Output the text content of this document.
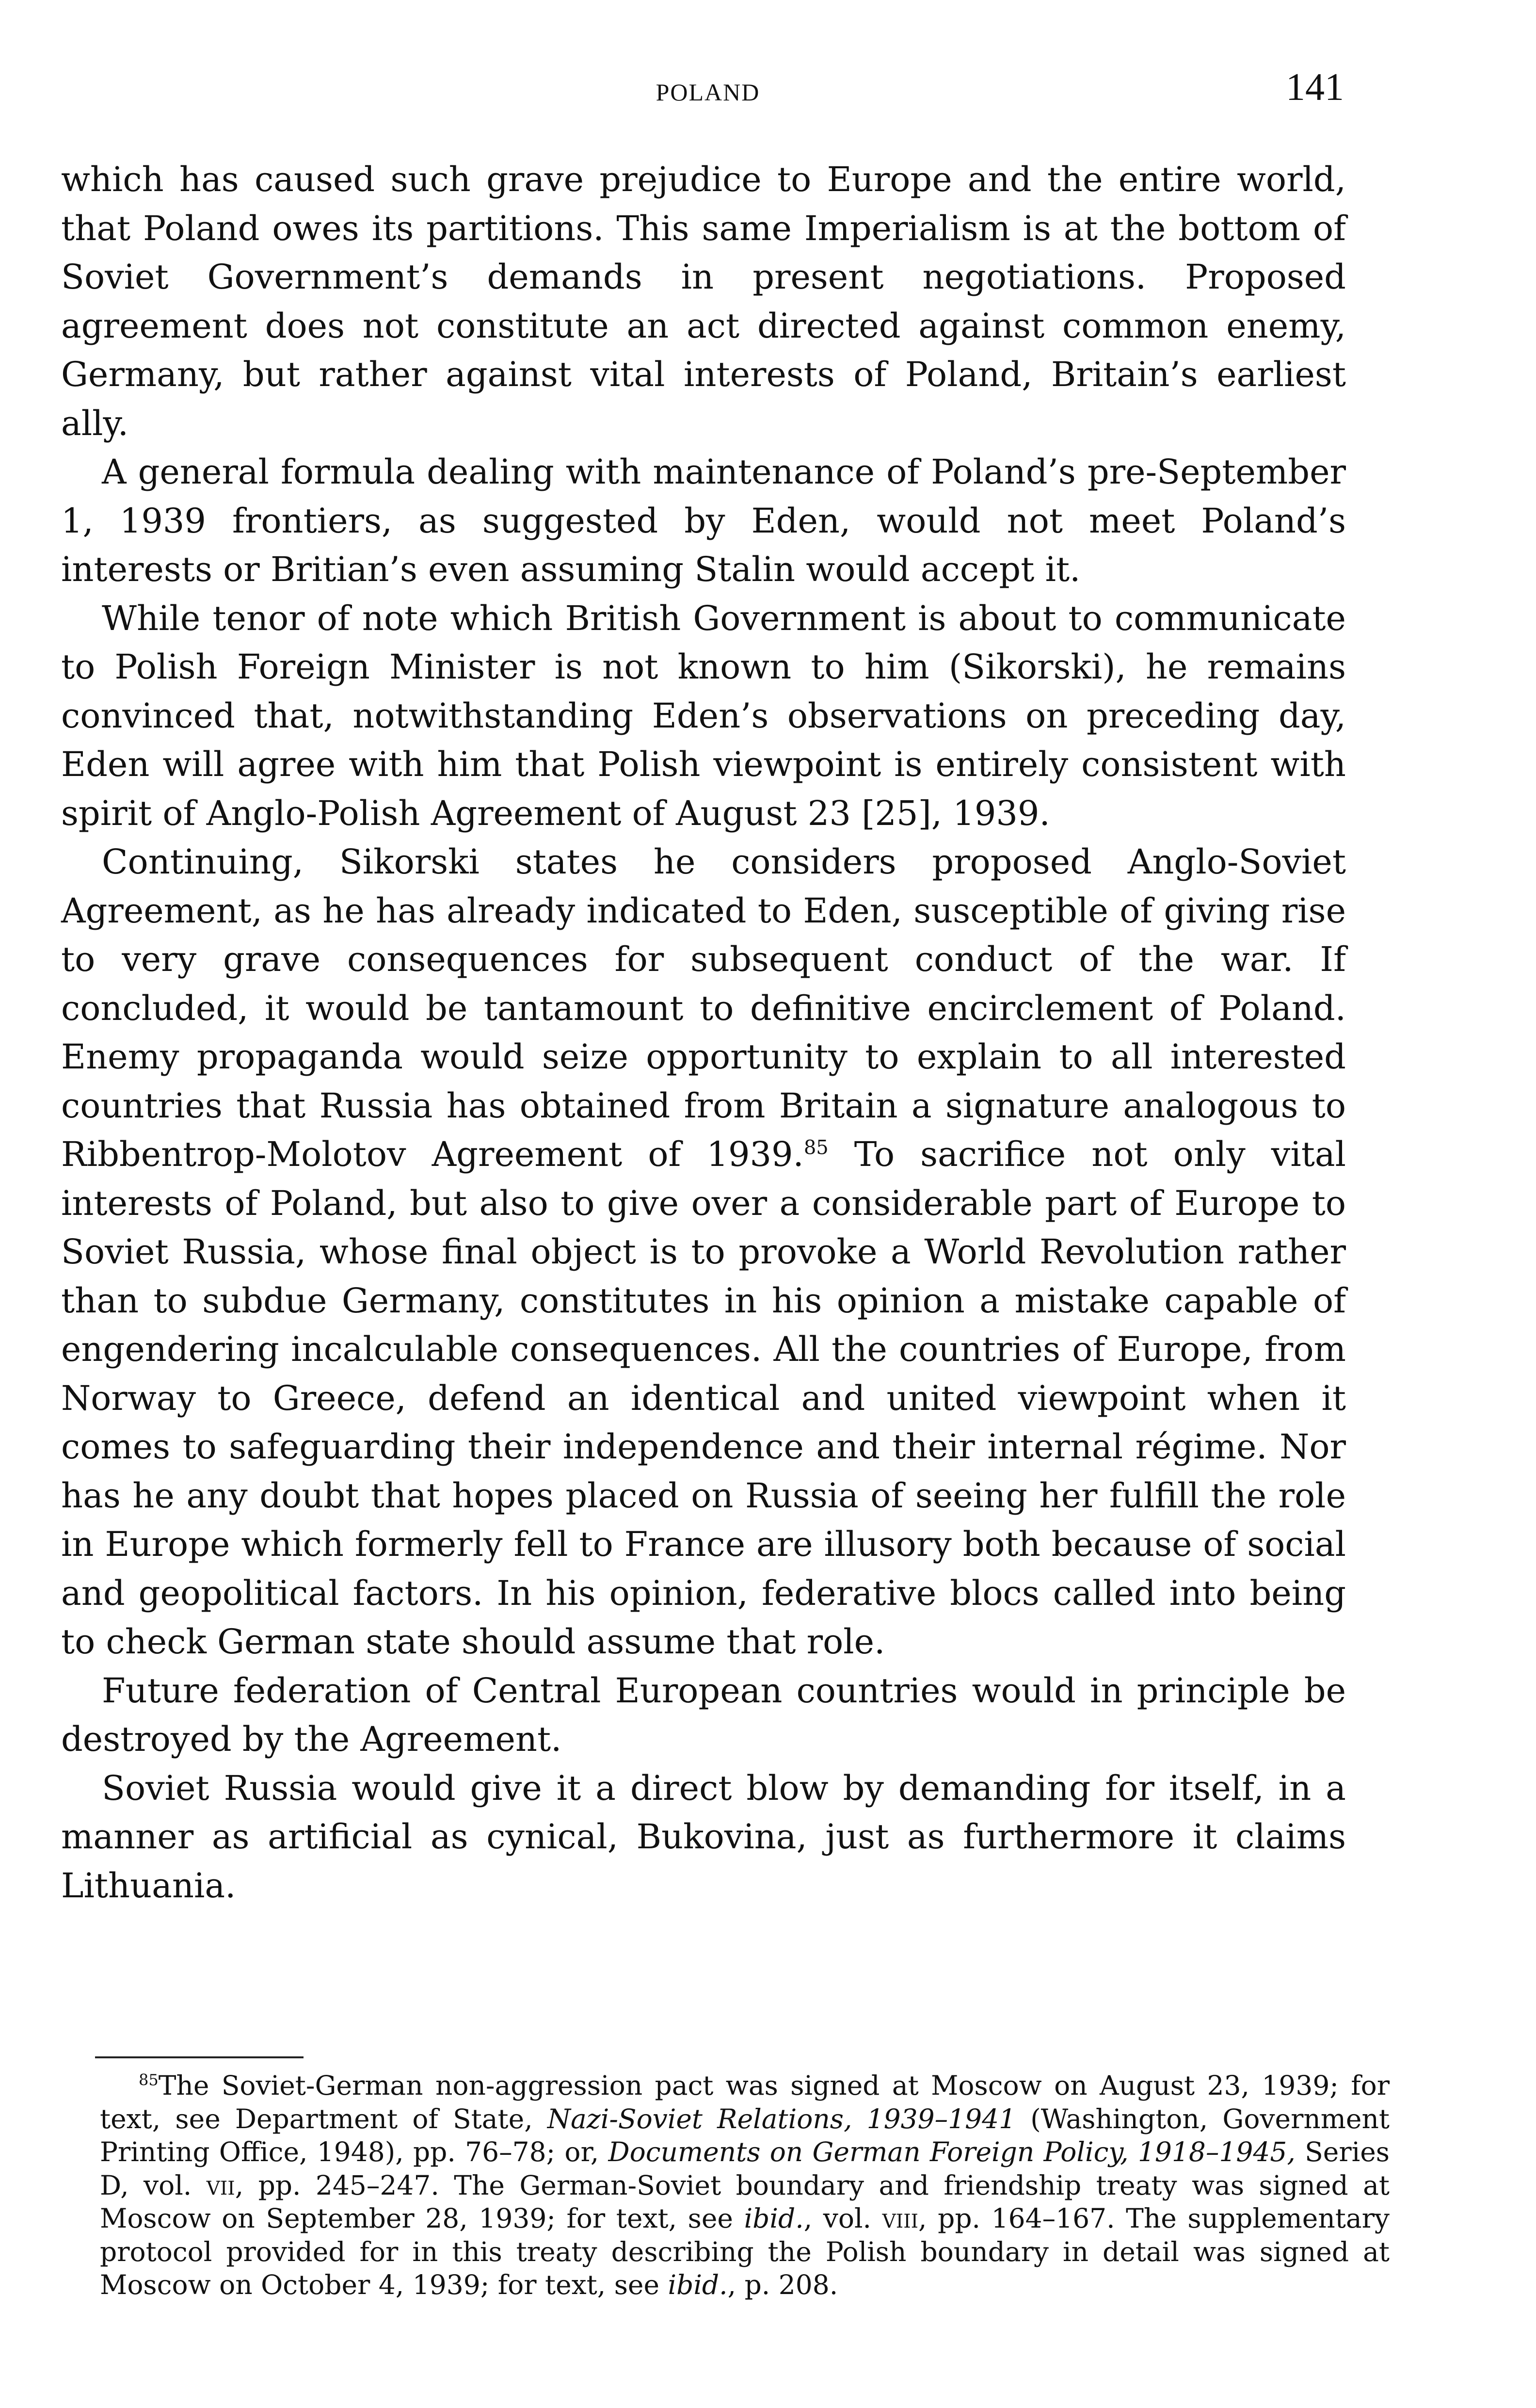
POLAND	141

which has caused such grave prejudice to Europe and the entire world, that Poland owes its partitions. This same Imperialism is at the bottom of Soviet Government’s demands in present negotiations. Proposed agreement does not constitute an act directed against common enemy, Germany, but rather against vital interests of Poland, Britain’s earliest ally.

A general formula dealing with maintenance of Poland’s pre-September 1, 1939 frontiers, as suggested by Eden, would not meet Poland’s interests or Britian’s even assuming Stalin would accept it.

While tenor of note which British Government is about to communicate to Polish Foreign Minister is not known to him (Sikorski), he remains convinced that, notwithstanding Eden’s observations on preceding day, Eden will agree with him that Polish viewpoint is entirely consistent with spirit of Anglo-Polish Agreement of August 23 [25], 1939.

Continuing, Sikorski states he considers proposed Anglo-Soviet Agreement, as he has already indicated to Eden, susceptible of giving rise to very grave consequences for subsequent conduct of the war. If concluded, it would be tantamount to definitive encirclement of Poland. Enemy propaganda would seize opportunity to explain to all interested countries that Russia has obtained from Britain a signature analogous to Ribbentrop-Molotov Agreement of 1939.85 To sacrifice not only vital interests of Poland, but also to give over a considerable part of Europe to Soviet Russia, whose final object is to provoke a World Revolution rather than to subdue Germany, constitutes in his opinion a mistake capable of engendering incalculable consequences. All the countries of Europe, from Norway to Greece, defend an identical and united viewpoint when it comes to safeguarding their independence and their internal régime. Nor has he any doubt that hopes placed on Russia of seeing her fulfill the role in Europe which formerly fell to France are illusory both because of social and geopolitical factors. In his opinion, federative blocs called into being to check German state should assume that role.

Future federation of Central European countries would in principle be destroyed by the Agreement.

Soviet Russia would give it a direct blow by demanding for itself, in a manner as artificial as cynical, Bukovina, just as furthermore it claims Lithuania.

$^{85}$The Soviet-German non-aggression pact was signed at Moscow on August 23, 1939; for text, see Department of State, Nazi-Soviet Relations, 1939–1941 (Washington, Government Printing Office, 1948), pp. 76–78; or, Documents on German Foreign Policy, 1918–1945, Series D, vol. vii, pp. 245–247. The German-Soviet boundary and friendship treaty was signed at Moscow on September 28, 1939; for text, see ibid., vol. viii, pp. 164–167. The supplementary protocol provided for in this treaty describing the Polish boundary in detail was signed at Moscow on October 4, 1939; for text, see ibid., p. 208.
